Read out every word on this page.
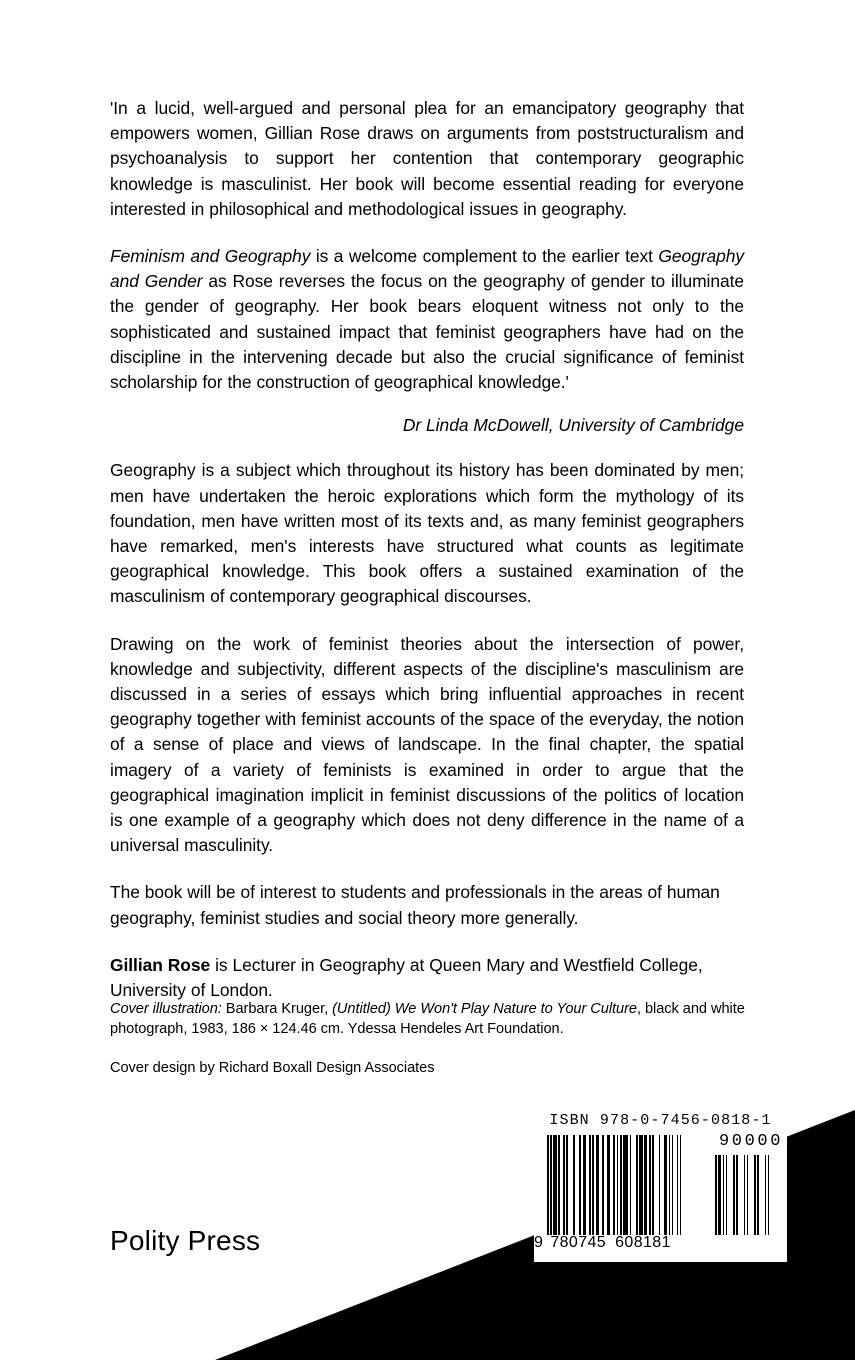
'In a lucid, well-argued and personal plea for an emancipatory geography that empowers women, Gillian Rose draws on arguments from poststructuralism and psychoanalysis to support her contention that contemporary geographic knowledge is masculinist. Her book will become essential reading for everyone interested in philosophical and methodological issues in geography.

Feminism and Geography is a welcome complement to the earlier text Geography and Gender as Rose reverses the focus on the geography of gender to illuminate the gender of geography. Her book bears eloquent witness not only to the sophisticated and sustained impact that feminist geographers have had on the discipline in the intervening decade but also the crucial significance of feminist scholarship for the construction of geographical knowledge.'

Dr Linda McDowell, University of Cambridge

Geography is a subject which throughout its history has been dominated by men; men have undertaken the heroic explorations which form the mythology of its foundation, men have written most of its texts and, as many feminist geographers have remarked, men's interests have structured what counts as legitimate geographical knowledge. This book offers a sustained examination of the masculinism of contemporary geographical discourses.

Drawing on the work of feminist theories about the intersection of power, knowledge and subjectivity, different aspects of the discipline's masculinism are discussed in a series of essays which bring influential approaches in recent geography together with feminist accounts of the space of the everyday, the notion of a sense of place and views of landscape. In the final chapter, the spatial imagery of a variety of feminists is examined in order to argue that the geographical imagination implicit in feminist discussions of the politics of location is one example of a geography which does not deny difference in the name of a universal masculinity.

The book will be of interest to students and professionals in the areas of human geography, feminist studies and social theory more generally.

Gillian Rose is Lecturer in Geography at Queen Mary and Westfield College, University of London.

Cover illustration: Barbara Kruger, (Untitled) We Won't Play Nature to Your Culture, black and white photograph, 1983, 186 × 124.46 cm. Ydessa Hendeles Art Foundation.

Cover design by Richard Boxall Design Associates

Polity Press
ISBN 978-0-7456-0818-1
90000
9 780745 608181
